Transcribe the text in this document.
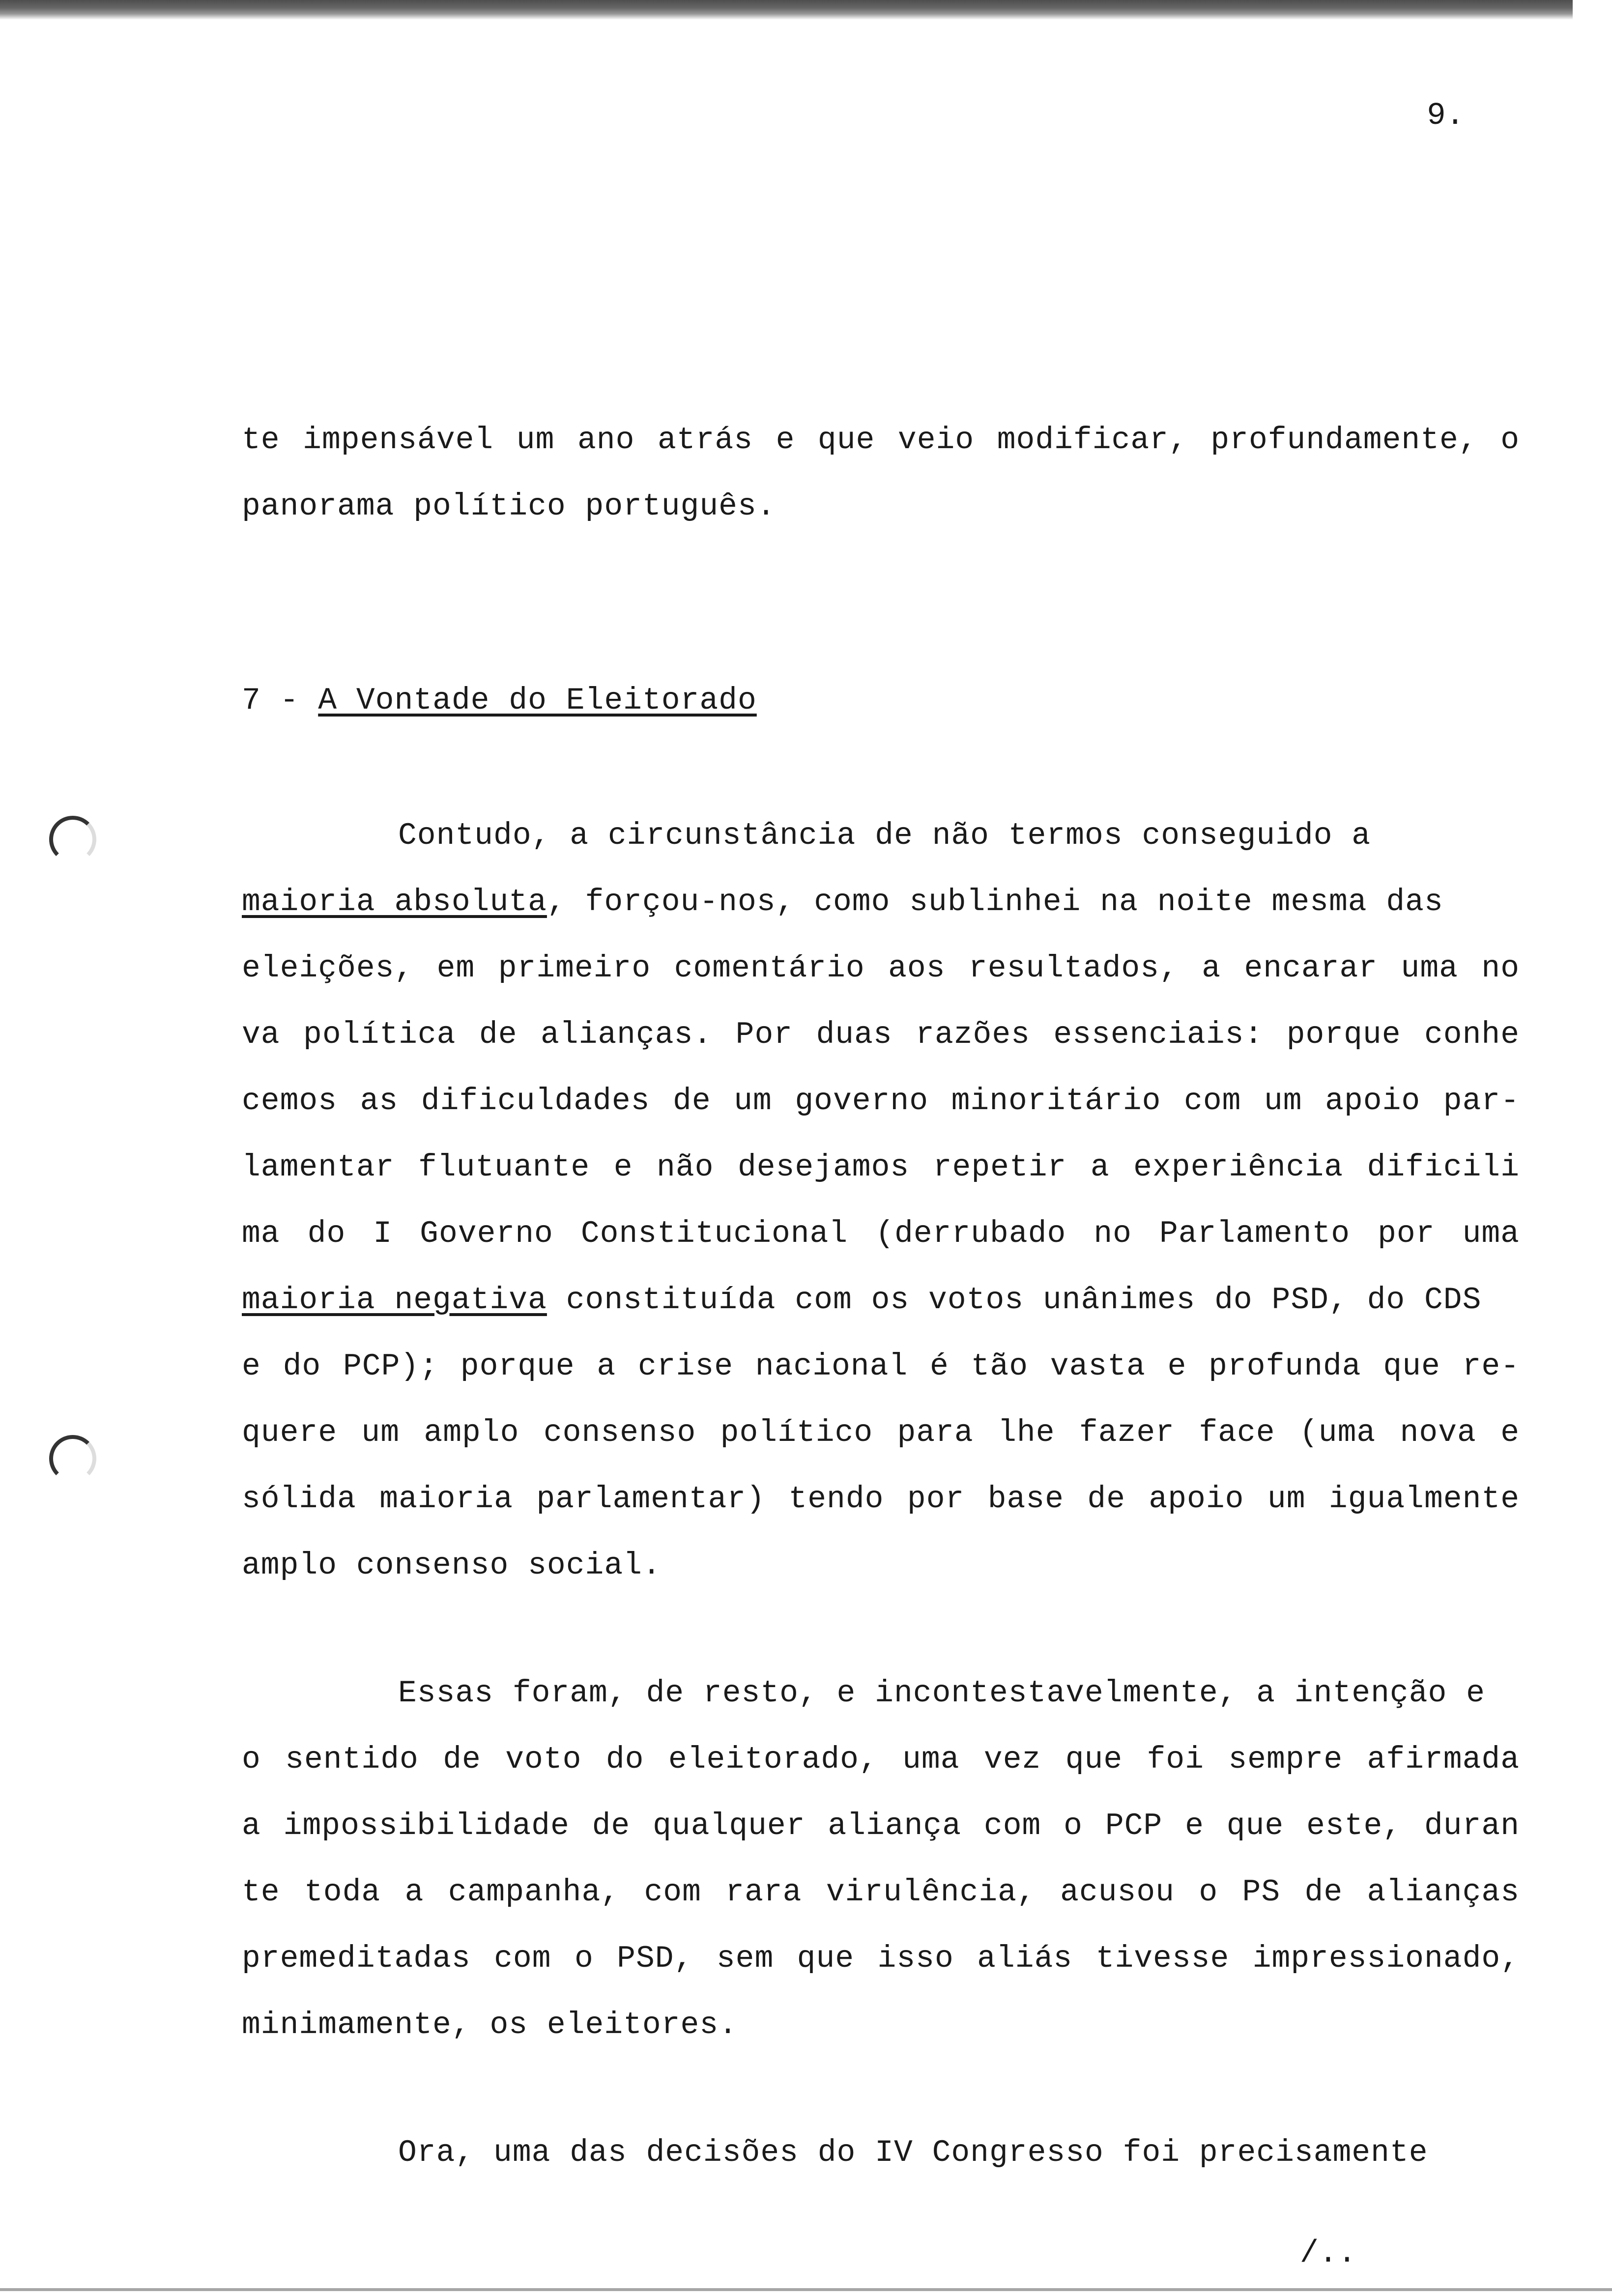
9.
te impensável um ano atrás e que veio modificar, profundamente, o
panorama político português.
7 - A Vontade do Eleitorado
Contudo, a circunstância de não termos conseguido a
maioria absoluta, forçou-nos, como sublinhei na noite mesma das
eleições, em primeiro comentário aos resultados, a encarar uma no
va política de alianças. Por duas razões essenciais: porque conhe
cemos as dificuldades de um governo minoritário com um apoio par-
lamentar flutuante e não desejamos repetir a experiência dificili
ma do I Governo Constitucional (derrubado no Parlamento por uma
maioria negativa constituída com os votos unânimes do PSD, do CDS
e do PCP); porque a crise nacional é tão vasta e profunda que re-
quere um amplo consenso político para lhe fazer face (uma nova e
sólida maioria parlamentar) tendo por base de apoio um igualmente
amplo consenso social.
Essas foram, de resto, e incontestavelmente, a intenção e
o sentido de voto do eleitorado, uma vez que foi sempre afirmada
a impossibilidade de qualquer aliança com o PCP e que este, duran
te toda a campanha, com rara virulência, acusou o PS de alianças
premeditadas com o PSD, sem que isso aliás tivesse impressionado,
minimamente, os eleitores.
Ora, uma das decisões do IV Congresso foi precisamente
/..
